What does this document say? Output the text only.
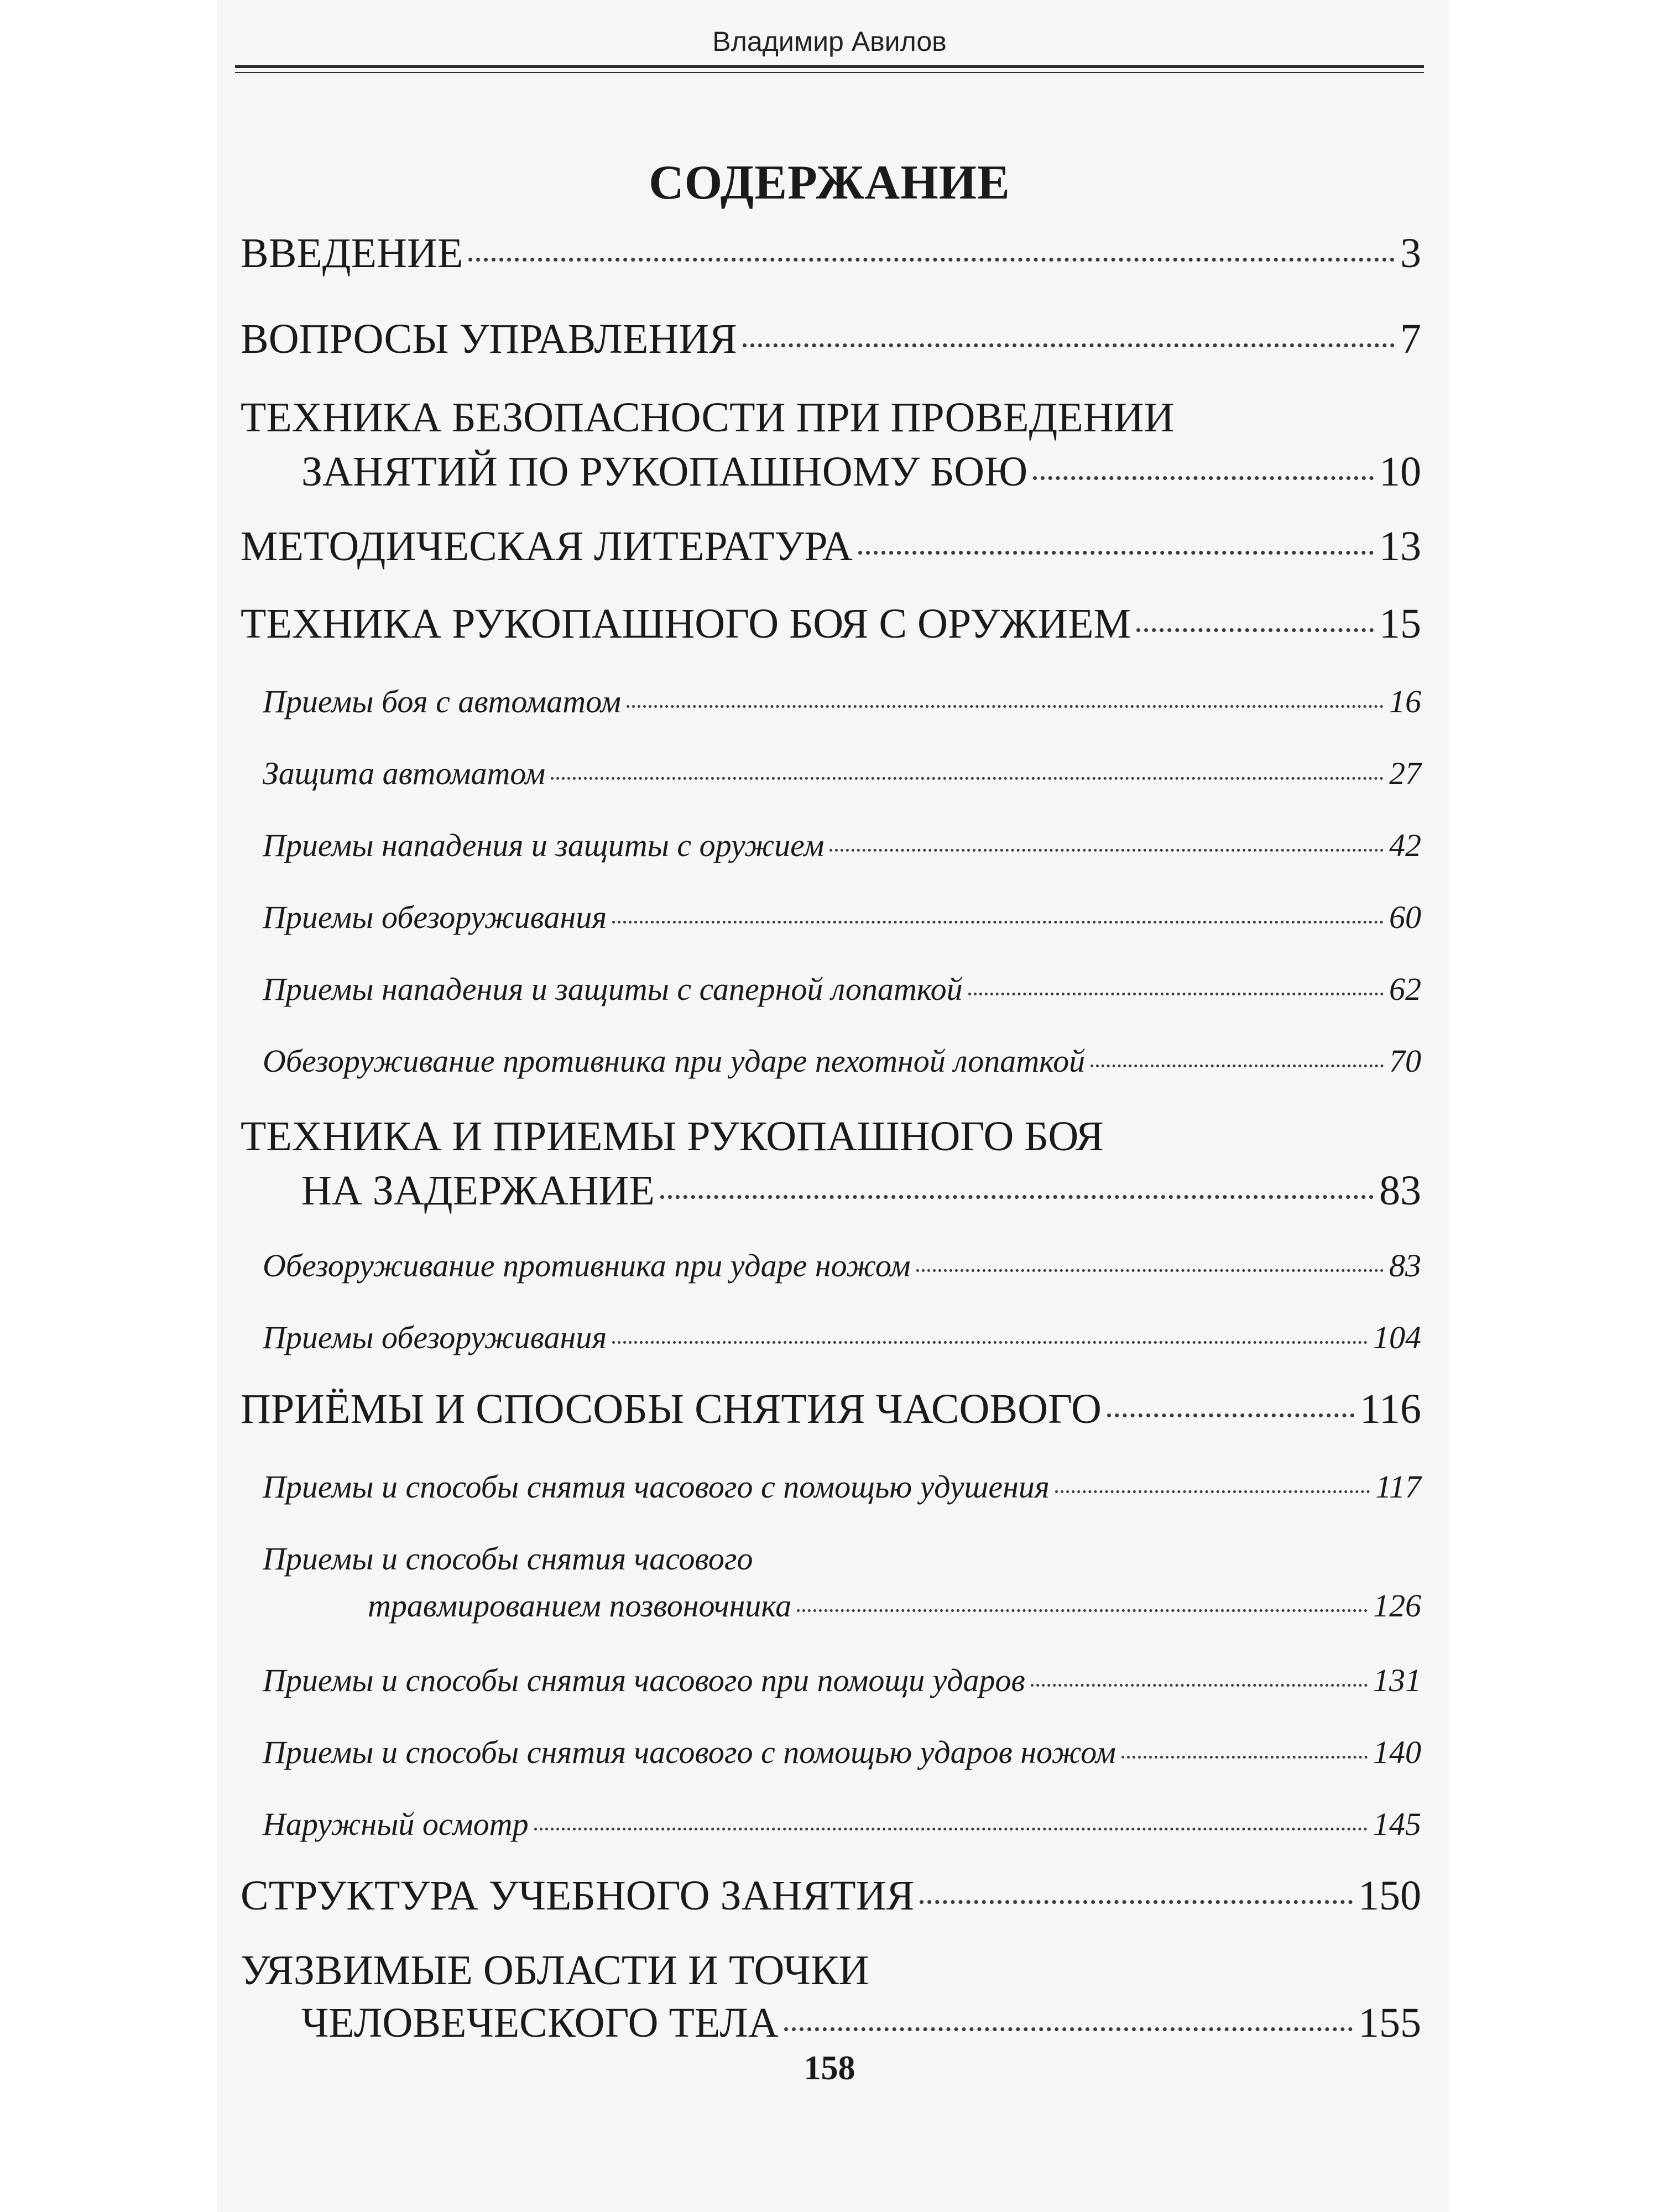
Владимир Авилов
СОДЕРЖАНИЕ
ВВЕДЕНИЕ	3
ВОПРОСЫ УПРАВЛЕНИЯ	7
ТЕХНИКА БЕЗОПАСНОСТИ ПРИ ПРОВЕДЕНИИ
ЗАНЯТИЙ ПО РУКОПАШНОМУ БОЮ	10
МЕТОДИЧЕСКАЯ ЛИТЕРАТУРА	13
ТЕХНИКА РУКОПАШНОГО БОЯ С ОРУЖИЕМ	15
Приемы боя с автоматом	16
Защита автоматом	27
Приемы нападения и защиты с оружием	42
Приемы обезоруживания	60
Приемы нападения и защиты с саперной лопаткой	62
Обезоруживание противника при ударе пехотной лопаткой	70
ТЕХНИКА И ПРИЕМЫ РУКОПАШНОГО БОЯ
НА ЗАДЕРЖАНИЕ	83
Обезоруживание противника при ударе ножом	83
Приемы обезоруживания	104
ПРИЁМЫ И СПОСОБЫ СНЯТИЯ ЧАСОВОГО	116
Приемы и способы снятия часового с помощью удушения	117
Приемы и способы снятия часового
травмированием позвоночника	126
Приемы и способы снятия часового при помощи ударов	131
Приемы и способы снятия часового с помощью ударов ножом	140
Наружный осмотр	145
СТРУКТУРА УЧЕБНОГО ЗАНЯТИЯ	150
УЯЗВИМЫЕ ОБЛАСТИ И ТОЧКИ
ЧЕЛОВЕЧЕСКОГО ТЕЛА	155
158
